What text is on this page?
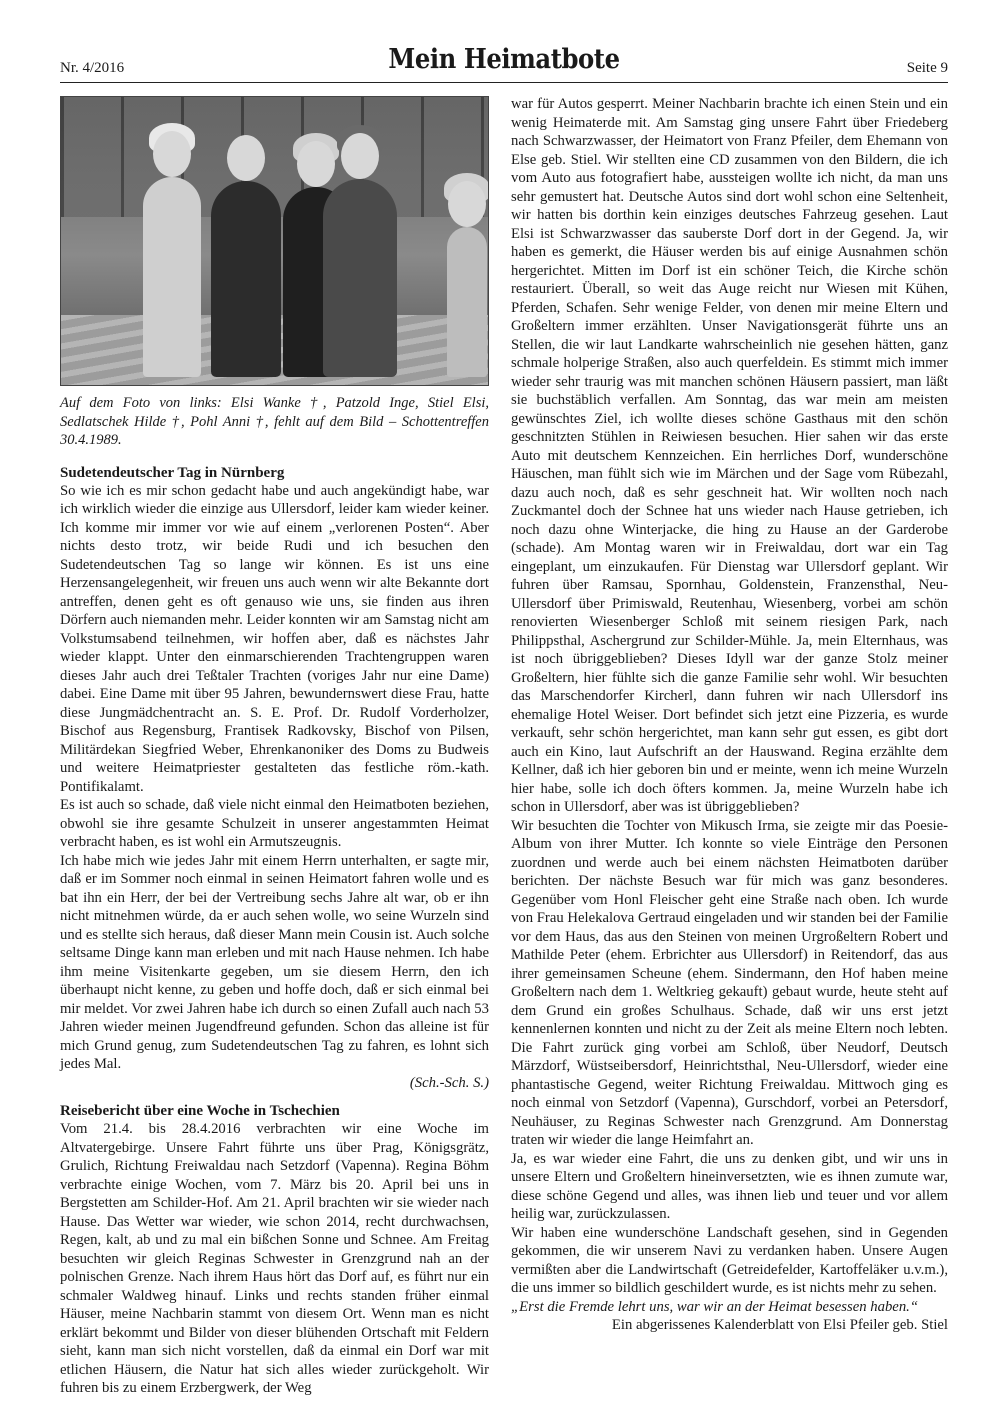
Nr. 4/2016	Mein Heimatbote	Seite 9
Auf dem Foto von links: Elsi Wanke †, Patzold Inge, Stiel Elsi, Sedlatschek Hilde †, Pohl Anni †, fehlt auf dem Bild – Schottentreffen 30.4.1989.
Sudetendeutscher Tag in Nürnberg

So wie ich es mir schon gedacht habe und auch angekündigt habe, war ich wirklich wieder die einzige aus Ullersdorf, leider kam wieder keiner. Ich komme mir immer vor wie auf einem „verlorenen Posten“. Aber nichts desto trotz, wir beide Rudi und ich besuchen den Sudetendeutschen Tag so lange wir können. Es ist uns eine Herzensangelegenheit, wir freuen uns auch wenn wir alte Bekannte dort antreffen, denen geht es oft genauso wie uns, sie finden aus ihren Dörfern auch niemanden mehr. Leider konnten wir am Samstag nicht am Volkstumsabend teilnehmen, wir hoffen aber, daß es nächstes Jahr wieder klappt. Unter den einmarschierenden Trachtengruppen waren dieses Jahr auch drei Teßtaler Trachten (voriges Jahr nur eine Dame) dabei. Eine Dame mit über 95 Jahren, bewundernswert diese Frau, hatte diese Jungmädchentracht an. S. E. Prof. Dr. Rudolf Vorderholzer, Bischof aus Regensburg, Frantisek Radkovsky, Bischof von Pilsen, Militärdekan Siegfried Weber, Ehrenkanoniker des Doms zu Budweis und weitere Heimatpriester gestalteten das festliche röm.-kath. Pontifikalamt.

Es ist auch so schade, daß viele nicht einmal den Heimatboten beziehen, obwohl sie ihre gesamte Schulzeit in unserer angestammten Heimat verbracht haben, es ist wohl ein Armutszeugnis.

Ich habe mich wie jedes Jahr mit einem Herrn unterhalten, er sagte mir, daß er im Sommer noch einmal in seinen Heimatort fahren wolle und es bat ihn ein Herr, der bei der Vertreibung sechs Jahre alt war, ob er ihn nicht mitnehmen würde, da er auch sehen wolle, wo seine Wurzeln sind und es stellte sich heraus, daß dieser Mann mein Cousin ist. Auch solche seltsame Dinge kann man erleben und mit nach Hause nehmen. Ich habe ihm meine Visitenkarte gegeben, um sie diesem Herrn, den ich überhaupt nicht kenne, zu geben und hoffe doch, daß er sich einmal bei mir meldet. Vor zwei Jahren habe ich durch so einen Zufall auch nach 53 Jahren wieder meinen Jugendfreund gefunden. Schon das alleine ist für mich Grund genug, zum Sudetendeutschen Tag zu fahren, es lohnt sich jedes Mal.

(Sch.-Sch. S.)
Reisebericht über eine Woche in Tschechien

Vom 21.4. bis 28.4.2016 verbrachten wir eine Woche im Altvatergebirge. Unsere Fahrt führte uns über Prag, Königsgrätz, Grulich, Richtung Freiwaldau nach Setzdorf (Vapenna). Regina Böhm verbrachte einige Wochen, vom 7. März bis 20. April bei uns in Bergstetten am Schilder-Hof. Am 21. April brachten wir sie wieder nach Hause. Das Wetter war wieder, wie schon 2014, recht durchwachsen, Regen, kalt, ab und zu mal ein bißchen Sonne und Schnee. Am Freitag besuchten wir gleich Reginas Schwester in Grenzgrund nah an der polnischen Grenze. Nach ihrem Haus hört das Dorf auf, es führt nur ein schmaler Waldweg hinauf. Links und rechts standen früher einmal Häuser, meine Nachbarin stammt von diesem Ort. Wenn man es nicht erklärt bekommt und Bilder von dieser blühenden Ortschaft mit Feldern sieht, kann man sich nicht vorstellen, daß da einmal ein Dorf war mit etlichen Häusern, die Natur hat sich alles wieder zurückgeholt. Wir fuhren bis zu einem Erzbergwerk, der Weg

war für Autos gesperrt. Meiner Nachbarin brachte ich einen Stein und ein wenig Heimaterde mit. Am Samstag ging unsere Fahrt über Friedeberg nach Schwarzwasser, der Heimatort von Franz Pfeiler, dem Ehemann von Else geb. Stiel. Wir stellten eine CD zusammen von den Bildern, die ich vom Auto aus fotografiert habe, aussteigen wollte ich nicht, da man uns sehr gemustert hat. Deutsche Autos sind dort wohl schon eine Seltenheit, wir hatten bis dorthin kein einziges deutsches Fahrzeug gesehen. Laut Elsi ist Schwarzwasser das sauberste Dorf dort in der Gegend. Ja, wir haben es gemerkt, die Häuser werden bis auf einige Ausnahmen schön hergerichtet. Mitten im Dorf ist ein schöner Teich, die Kirche schön restauriert. Überall, so weit das Auge reicht nur Wiesen mit Kühen, Pferden, Schafen. Sehr wenige Felder, von denen mir meine Eltern und Großeltern immer erzählten. Unser Navigationsgerät führte uns an Stellen, die wir laut Landkarte wahrscheinlich nie gesehen hätten, ganz schmale holperige Straßen, also auch querfeldein. Es stimmt mich immer wieder sehr traurig was mit manchen schönen Häusern passiert, man läßt sie buchstäblich verfallen. Am Sonntag, das war mein am meisten gewünschtes Ziel, ich wollte dieses schöne Gasthaus mit den schön geschnitzten Stühlen in Reiwiesen besuchen. Hier sahen wir das erste Auto mit deutschem Kennzeichen. Ein herrliches Dorf, wunderschöne Häuschen, man fühlt sich wie im Märchen und der Sage vom Rübezahl, dazu auch noch, daß es sehr geschneit hat. Wir wollten noch nach Zuckmantel doch der Schnee hat uns wieder nach Hause getrieben, ich noch dazu ohne Winterjacke, die hing zu Hause an der Garderobe (schade). Am Montag waren wir in Freiwaldau, dort war ein Tag eingeplant, um einzukaufen. Für Dienstag war Ullersdorf geplant. Wir fuhren über Ramsau, Spornhau, Goldenstein, Franzensthal, Neu-Ullersdorf über Primiswald, Reutenhau, Wiesenberg, vorbei am schön renovierten Wiesenberger Schloß mit seinem riesigen Park, nach Philippsthal, Aschergrund zur Schilder-Mühle. Ja, mein Elternhaus, was ist noch übriggeblieben? Dieses Idyll war der ganze Stolz meiner Großeltern, hier fühlte sich die ganze Familie sehr wohl. Wir besuchten das Marschendorfer Kircherl, dann fuhren wir nach Ullersdorf ins ehemalige Hotel Weiser. Dort befindet sich jetzt eine Pizzeria, es wurde verkauft, sehr schön hergerichtet, man kann sehr gut essen, es gibt dort auch ein Kino, laut Aufschrift an der Hauswand. Regina erzählte dem Kellner, daß ich hier geboren bin und er meinte, wenn ich meine Wurzeln hier habe, solle ich doch öfters kommen. Ja, meine Wurzeln habe ich schon in Ullersdorf, aber was ist übriggeblieben?

Wir besuchten die Tochter von Mikusch Irma, sie zeigte mir das Poesie-Album von ihrer Mutter. Ich konnte so viele Einträge den Personen zuordnen und werde auch bei einem nächsten Heimatboten darüber berichten. Der nächste Besuch war für mich was ganz besonderes. Gegenüber vom Honl Fleischer geht eine Straße nach oben. Ich wurde von Frau Helekalova Gertraud eingeladen und wir standen bei der Familie vor dem Haus, das aus den Steinen von meinen Urgroßeltern Robert und Mathilde Peter (ehem. Erbrichter aus Ullersdorf) in Reitendorf, das aus ihrer gemeinsamen Scheune (ehem. Sindermann, den Hof haben meine Großeltern nach dem 1. Weltkrieg gekauft) gebaut wurde, heute steht auf dem Grund ein großes Schulhaus. Schade, daß wir uns erst jetzt kennenlernen konnten und nicht zu der Zeit als meine Eltern noch lebten. Die Fahrt zurück ging vorbei am Schloß, über Neudorf, Deutsch Märzdorf, Wüstseibersdorf, Heinrichtsthal, Neu-Ullersdorf, wieder eine phantastische Gegend, weiter Richtung Freiwaldau. Mittwoch ging es noch einmal von Setzdorf (Vapenna), Gurschdorf, vorbei an Petersdorf, Neuhäuser, zu Reginas Schwester nach Grenzgrund. Am Donnerstag traten wir wieder die lange Heimfahrt an.

Ja, es war wieder eine Fahrt, die uns zu denken gibt, und wir uns in unsere Eltern und Großeltern hineinversetzten, wie es ihnen zumute war, diese schöne Gegend und alles, was ihnen lieb und teuer und vor allem heilig war, zurückzulassen.

Wir haben eine wunderschöne Landschaft gesehen, sind in Gegenden gekommen, die wir unserem Navi zu verdanken haben. Unsere Augen vermißten aber die Landwirtschaft (Getreidefelder, Kartoffeläker u.v.m.), die uns immer so bildlich geschildert wurde, es ist nichts mehr zu sehen.

„Erst die Fremde lehrt uns, war wir an der Heimat besessen haben.“

Ein abgerissenes Kalenderblatt von Elsi Pfeiler geb. Stiel
